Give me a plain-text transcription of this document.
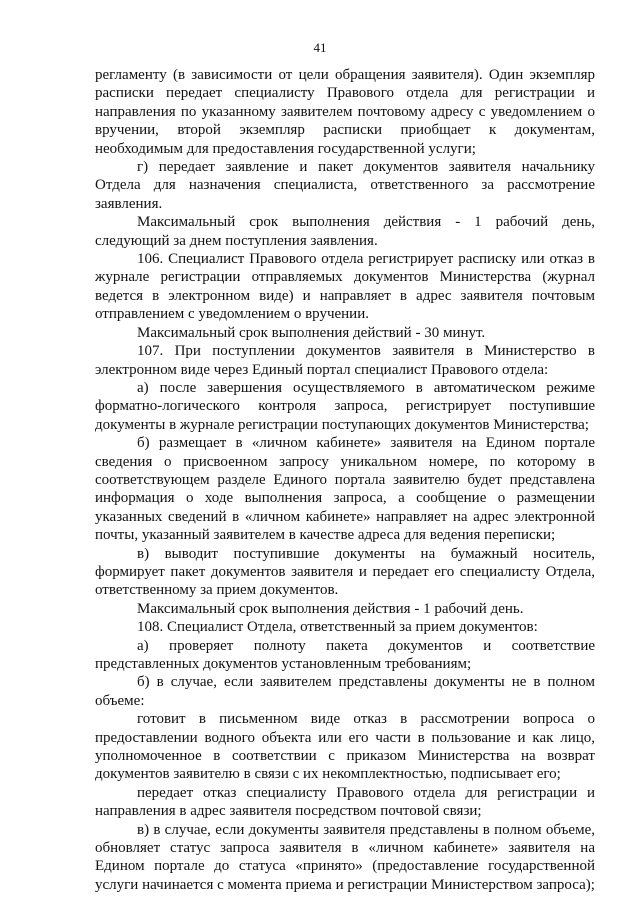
41

регламенту (в зависимости от цели обращения заявителя). Один экземпляр расписки передает специалисту Правового отдела для регистрации и направления по указанному заявителем почтовому адресу с уведомлением о вручении, второй экземпляр расписки приобщает к документам, необходимым для предоставления государственной услуги;

г) передает заявление и пакет документов заявителя начальнику Отдела для назначения специалиста, ответственного за рассмотрение заявления.

Максимальный срок выполнения действия - 1 рабочий день, следующий за днем поступления заявления.

106. Специалист Правового отдела регистрирует расписку или отказ в журнале регистрации отправляемых документов Министерства (журнал ведется в электронном виде) и направляет в адрес заявителя почтовым отправлением с уведомлением о вручении.

Максимальный срок выполнения действий - 30 минут.

107. При поступлении документов заявителя в Министерство в электронном виде через Единый портал специалист Правового отдела:

а) после завершения осуществляемого в автоматическом режиме форматно-логического контроля запроса, регистрирует поступившие документы в журнале регистрации поступающих документов Министерства;

б) размещает в «личном кабинете» заявителя на Едином портале сведения о присвоенном запросу уникальном номере, по которому в соответствующем разделе Единого портала заявителю будет представлена информация о ходе выполнения запроса, а сообщение о размещении указанных сведений в «личном кабинете» направляет на адрес электронной почты, указанный заявителем в качестве адреса для ведения переписки;

в) выводит поступившие документы на бумажный носитель, формирует пакет документов заявителя и передает его специалисту Отдела, ответственному за прием документов.

Максимальный срок выполнения действия - 1 рабочий день.

108. Специалист Отдела, ответственный за прием документов:

а) проверяет полноту пакета документов и соответствие представленных документов установленным требованиям;

б) в случае, если заявителем представлены документы не в полном объеме:

готовит в письменном виде отказ в рассмотрении вопроса о предоставлении водного объекта или его части в пользование и как лицо, уполномоченное в соответствии с приказом Министерства на возврат документов заявителю в связи с их некомплектностью, подписывает его;

передает отказ специалисту Правового отдела для регистрации и направления в адрес заявителя посредством почтовой связи;

в) в случае, если документы заявителя представлены в полном объеме, обновляет статус запроса заявителя в «личном кабинете» заявителя на Едином портале до статуса «принято» (предоставление государственной услуги начинается с момента приема и регистрации Министерством запроса);
